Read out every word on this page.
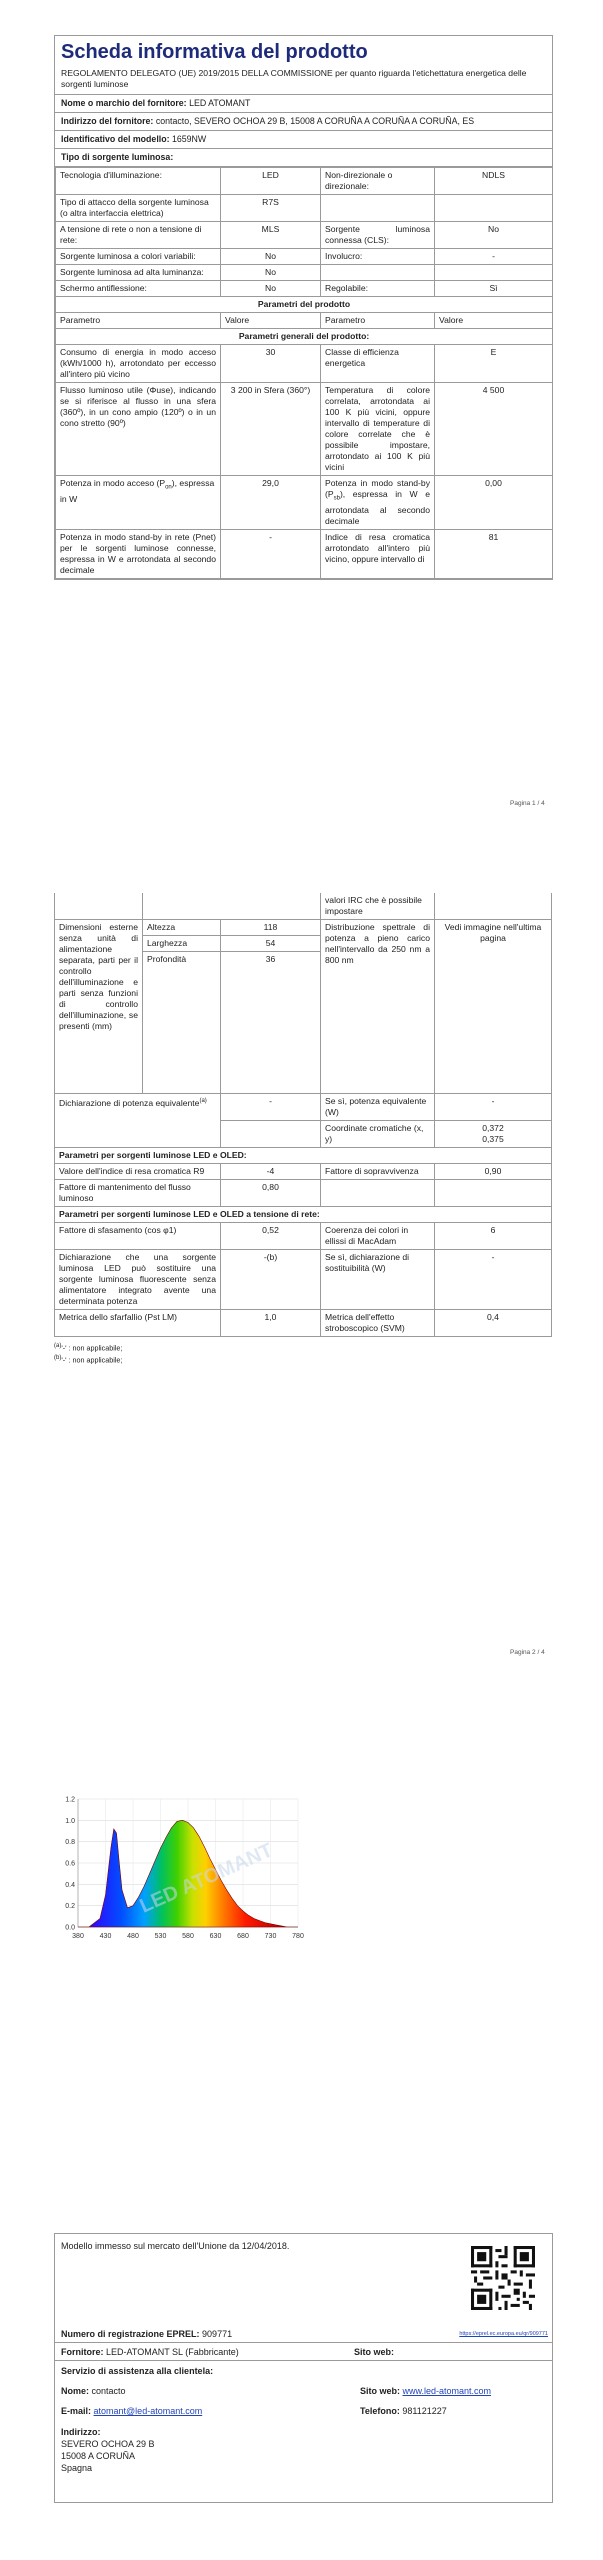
Scheda informativa del prodotto
REGOLAMENTO DELEGATO (UE) 2019/2015 DELLA COMMISSIONE per quanto riguarda l'etichettatura energetica delle sorgenti luminose
Nome o marchio del fornitore: LED ATOMANT
Indirizzo del fornitore: contacto, SEVERO OCHOA 29 B, 15008 A CORUÑA A CORUÑA A CORUÑA, ES
Identificativo del modello: 1659NW
Tipo di sorgente luminosa:
Tecnologia d'illuminazione:	LED	Non-direzionale o direzionale:	NDLS
Tipo di attacco della sorgente luminosa (o altra interfaccia elettrica)	R7S		
A tensione di rete o non a tensione di rete:	MLS	Sorgente luminosa connessa (CLS):	No
Sorgente luminosa a colori variabili:	No	Involucro:	-
Sorgente luminosa ad alta luminanza:	No		
Schermo antiflessione:	No	Regolabile:	Sì
Parametri del prodotto			
Parametro	Valore	Parametro	Valore
Parametri generali del prodotto:			
Consumo di energia in modo acceso (kWh/1000 h), arrotondato per eccesso all'intero più vicino	30	Classe di efficienza energetica	E
Flusso luminoso utile (Φuse), indicando se si riferisce al flusso in una sfera (360º), in un cono ampio (120º) o in un cono stretto (90º)	3 200 in Sfera (360°)	Temperatura di colore correlata, arrotondata ai 100 K più vicini, oppure intervallo di temperature di colore correlate che è possibile impostare, arrotondato ai 100 K più vicini	4 500
Potenza in modo acceso $(P_{on})$, espressa in W	29,0	Potenza in modo stand-by $(P_{sb})$, espressa in W e arrotondata al secondo decimale	0,00
Potenza in modo stand-by in rete (Pnet) per le sorgenti luminose connesse, espressa in W e arrotondata al secondo decimale	-	Indice di resa cromatica arrotondato all'intero più vicino, oppure intervallo di	81
Pagina 1 / 4
			valori IRC che è possibile impostare	
Dimensioni esterne senza unità di alimentazione separata, parti per il controllo dell'illuminazione e parti senza funzioni di controllo dell'illuminazione, se presenti (mm)	Altezza	118	Distribuzione spettrale di potenza a pieno carico nell'intervallo da 250 nm a 800 nm	Vedi immagine nell'ultima pagina
	Larghezza	54		
	Profondità	36		
Dichiarazione di potenza equivalente$^{(a)}$		-	Se sì, potenza equivalente (W)	-
			Coordinate cromatiche (x, y)	0,372
0,375

Parametri per sorgenti luminose LED e OLED:				
Valore dell'indice di resa cromatica R9		-4	Fattore di sopravvivenza	0,90
Fattore di mantenimento del flusso luminoso		0,80		
Parametri per sorgenti luminose LED e OLED a tensione di rete:				
Fattore di sfasamento (cos φ1)		0,52	Coerenza dei colori in ellissi di MacAdam	6
Dichiarazione che una sorgente luminosa LED può sostituire una sorgente luminosa fluorescente senza alimentatore integrato avente una determinata potenza		-(b)	Se sì, dichiarazione di sostituibilità (W)	-
Metrica dello sfarfallio (Pst LM)		1,0	Metrica dell'effetto stroboscopico (SVM)	0,4
$^{(a)}$'-' : non applicabile;
$^{(b)}$'-' : non applicabile;
Pagina 2 / 4
LED ATOMANT
0.0
0.2
0.4
0.6
0.8
1.0
1.2
380 430 480 530 580 630 680 730 780
Modello immesso sul mercato dell'Unione da 12/04/2018.
Numero di registrazione EPREL: 909771	https://eprel.ec.europa.eu/qr/909771
Fornitore: LED-ATOMANT SL (Fabbricante)	Sito web:
Servizio di assistenza alla clientela:
Nome: contacto	Sito web: www.led-atomant.com
E-mail: atomant@led-atomant.com	Telefono: 981121227
Indirizzo:
SEVERO OCHOA 29 B
15008 A CORUÑA
Spagna
